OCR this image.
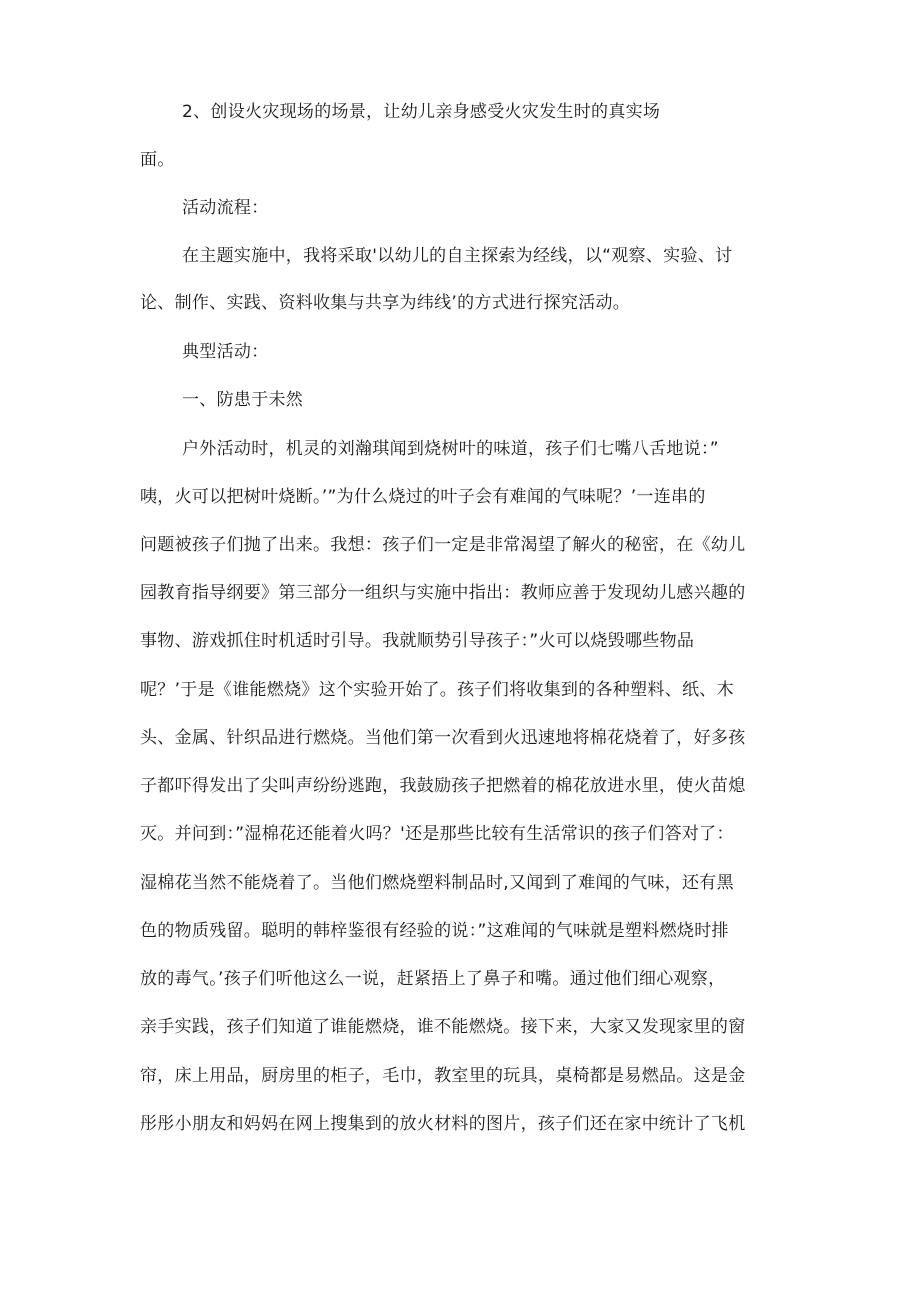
2、创设火灾现场的场景，让幼儿亲身感受火灾发生时的真实场
面。
活动流程：
在主题实施中，我将采取'以幼儿的自主探索为经线，以“观察、实验、讨
论、制作、实践、资料收集与共享为纬线’的方式进行探究活动。
典型活动：
一、防患于未然
户外活动时，机灵的刘瀚琪闻到烧树叶的味道，孩子们七嘴八舌地说：”
咦，火可以把树叶烧断。’”为什么烧过的叶子会有难闻的气味呢？’一连串的
问题被孩子们抛了出来。我想：孩子们一定是非常渴望了解火的秘密，在《幼儿
园教育指导纲要》第三部分一组织与实施中指出：教师应善于发现幼儿感兴趣的
事物、游戏抓住时机适时引导。我就顺势引导孩子：”火可以烧毁哪些物品
呢？’于是《谁能燃烧》这个实验开始了。孩子们将收集到的各种塑料、纸、木
头、金属、针织品进行燃烧。当他们第一次看到火迅速地将棉花烧着了，好多孩
子都吓得发出了尖叫声纷纷逃跑，我鼓励孩子把燃着的棉花放进水里，使火苗熄
灭。并问到：”湿棉花还能着火吗？'还是那些比较有生活常识的孩子们答对了：
湿棉花当然不能烧着了。当他们燃烧塑料制品时,又闻到了难闻的气味，还有黑
色的物质残留。聪明的韩梓鉴很有经验的说：”这难闻的气味就是塑料燃烧时排
放的毒气。’孩子们听他这么一说，赶紧捂上了鼻子和嘴。通过他们细心观察，
亲手实践，孩子们知道了谁能燃烧，谁不能燃烧。接下来，大家又发现家里的窗
帘，床上用品，厨房里的柜子，毛巾，教室里的玩具，桌椅都是易燃品。这是金
彤彤小朋友和妈妈在网上搜集到的放火材料的图片，孩子们还在家中统计了飞机
